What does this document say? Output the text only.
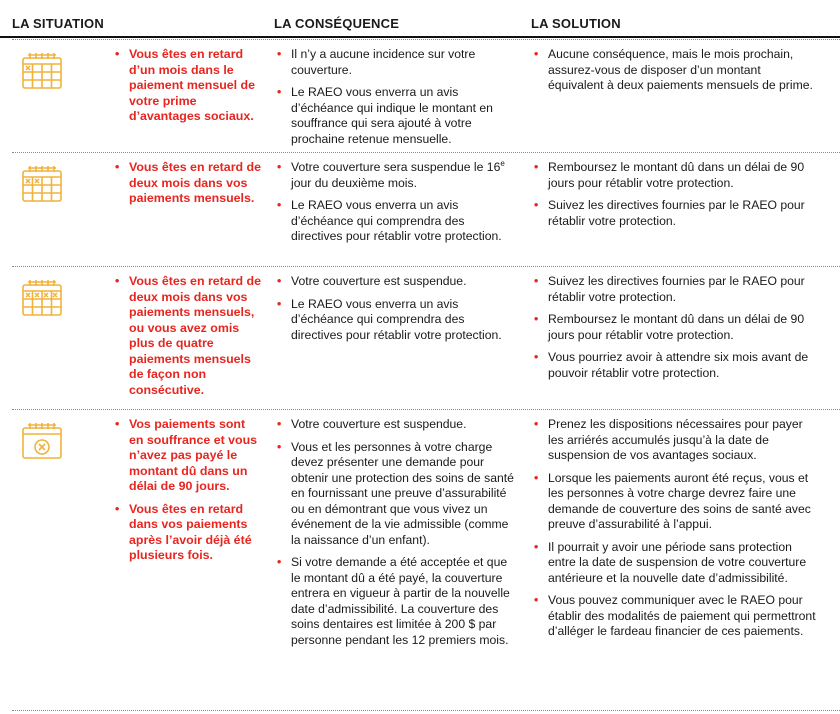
LA SITUATION	LA CONSÉQUENCE	LA SOLUTION
• Vous êtes en retard d’un mois dans le paiement mensuel de votre prime d’avantages sociaux.
• Il n’y a aucune incidence sur votre couverture.
• Le RAEO vous enverra un avis d’échéance qui indique le montant en souffrance qui sera ajouté à votre prochaine retenue mensuelle.
• Aucune conséquence, mais le mois prochain, assurez-vous de disposer d’un montant équivalent à deux paiements mensuels de prime.
• Vous êtes en retard de deux mois dans vos paiements mensuels.
• Votre couverture sera suspendue le 16e jour du deuxième mois.
• Le RAEO vous enverra un avis d’échéance qui comprendra des directives pour rétablir votre protection.
• Remboursez le montant dû dans un délai de 90 jours pour rétablir votre protection.
• Suivez les directives fournies par le RAEO pour rétablir votre protection.
• Vous êtes en retard de deux mois dans vos paiements mensuels, ou vous avez omis plus de quatre paiements mensuels de façon non consécutive.
• Votre couverture est suspendue.
• Le RAEO vous enverra un avis d’échéance qui comprendra des directives pour rétablir votre protection.
• Suivez les directives fournies par le RAEO pour rétablir votre protection.
• Remboursez le montant dû dans un délai de 90 jours pour rétablir votre protection.
• Vous pourriez avoir à attendre six mois avant de pouvoir rétablir votre protection.
• Vos paiements sont en souffrance et vous n’avez pas payé le montant dû dans un délai de 90 jours.
• Vous êtes en retard dans vos paiements après l’avoir déjà été plusieurs fois.
• Votre couverture est suspendue.
• Vous et les personnes à votre charge devez présenter une demande pour obtenir une protection des soins de santé en fournissant une preuve d’assurabilité ou en démontrant que vous vivez un événement de la vie admissible (comme la naissance d’un enfant).
• Si votre demande a été acceptée et que le montant dû a été payé, la couverture entrera en vigueur à partir de la nouvelle date d’admissibilité. La couverture des soins dentaires est limitée à 200 $ par personne pendant les 12 premiers mois.
• Prenez les dispositions nécessaires pour payer les arriérés accumulés jusqu’à la date de suspension de vos avantages sociaux.
• Lorsque les paiements auront été reçus, vous et les personnes à votre charge devrez faire une demande de couverture des soins de santé avec preuve d’assurabilité à l’appui.
• Il pourrait y avoir une période sans protection entre la date de suspension de votre couverture antérieure et la nouvelle date d’admissibilité.
• Vous pouvez communiquer avec le RAEO pour établir des modalités de paiement qui permettront d’alléger le fardeau financier de ces paiements.
